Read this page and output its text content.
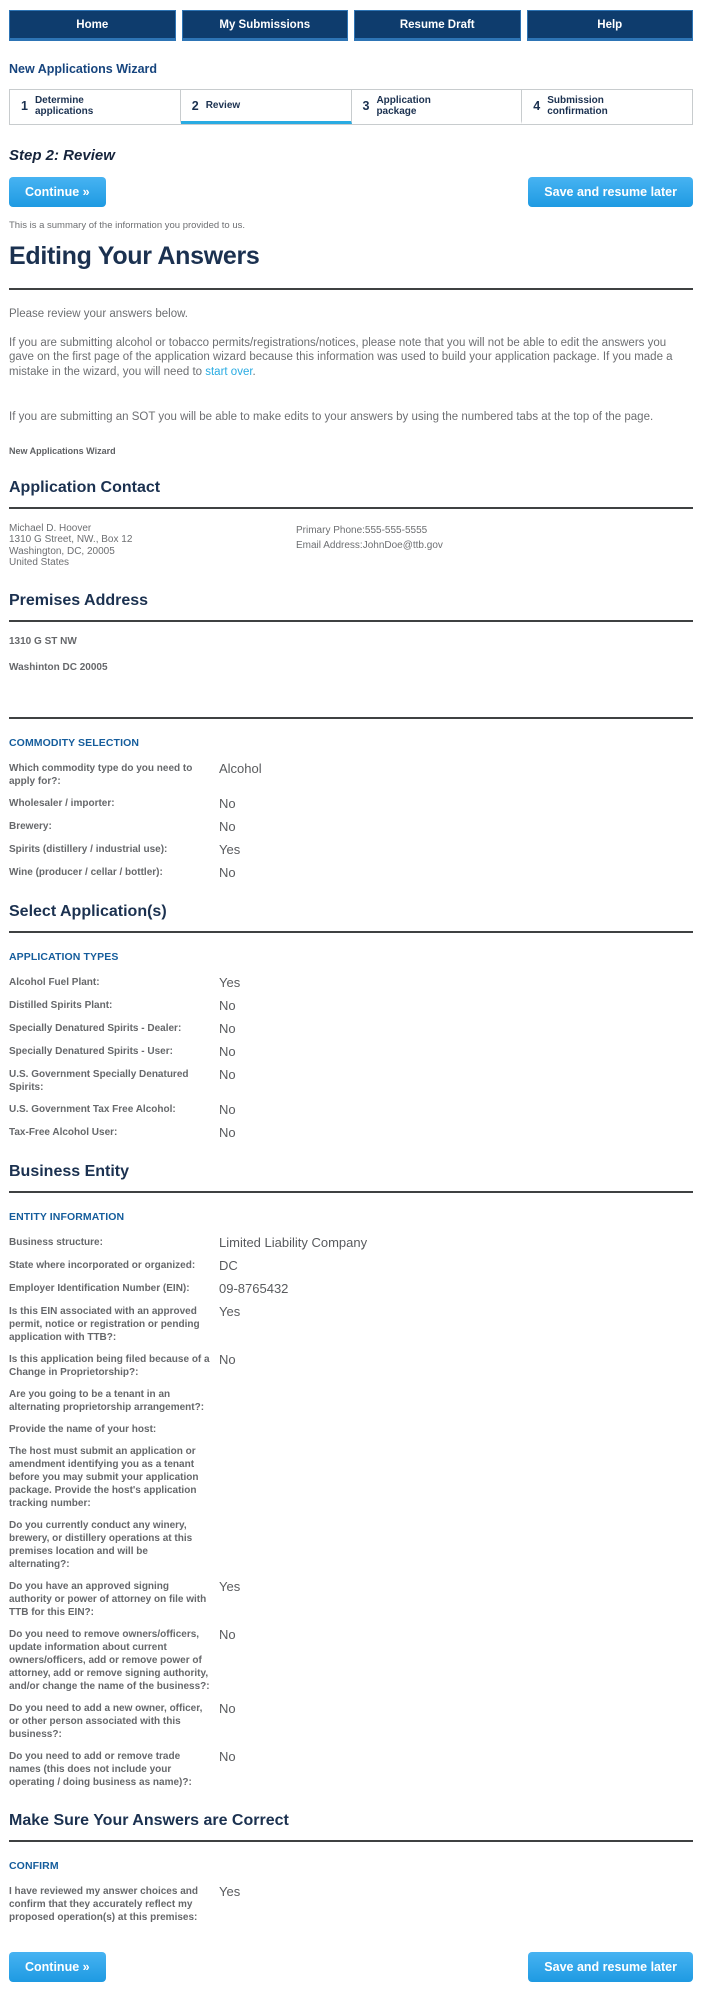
Home	My Submissions	Resume Draft	Help
New Applications Wizard
1 Determine applications	2 Review	3 Application package	4 Submission confirmation
Step 2: Review
Continue »	Save and resume later
This is a summary of the information you provided to us.
Editing Your Answers

Please review your answers below.

If you are submitting alcohol or tobacco permits/registrations/notices, please note that you will not be able to edit the answers you gave on the first page of the application wizard because this information was used to build your application package. If you made a mistake in the wizard, you will need to start over.

If you are submitting an SOT you will be able to make edits to your answers by using the numbered tabs at the top of the page.

New Applications Wizard
Application Contact
Michael D. Hoover
1310 G Street, NW., Box 12
Washington, DC, 20005
United States
Primary Phone:555-555-5555
Email Address:JohnDoe@ttb.gov
Premises Address
1310 G ST NW
Washinton DC 20005
COMMODITY SELECTION
Which commodity type do you need to apply for?:
Alcohol
Wholesaler / importer:	No
Brewery:	No
Spirits (distillery / industrial use):	Yes
Wine (producer / cellar / bottler):	No
Select Application(s)
APPLICATION TYPES
Alcohol Fuel Plant:	Yes
Distilled Spirits Plant:	No
Specially Denatured Spirits - Dealer:	No
Specially Denatured Spirits - User:	No
U.S. Government Specially Denatured Spirits:
No
U.S. Government Tax Free Alcohol:	No
Tax-Free Alcohol User:	No
Business Entity
ENTITY INFORMATION
Business structure:	Limited Liability Company
State where incorporated or organized:	DC
Employer Identification Number (EIN):	09-8765432
Is this EIN associated with an approved permit, notice or registration or pending application with TTB?:
Yes
Is this application being filed because of a Change in Proprietorship?:
No
Are you going to be a tenant in an alternating proprietorship arrangement?:
Provide the name of your host:
The host must submit an application or amendment identifying you as a tenant before you may submit your application package. Provide the host's application tracking number:
Do you currently conduct any winery, brewery, or distillery operations at this premises location and will be alternating?:
Do you have an approved signing authority or power of attorney on file with TTB for this EIN?:
Yes
Do you need to remove owners/officers, update information about current owners/officers, add or remove power of attorney, add or remove signing authority, and/or change the name of the business?:
No
Do you need to add a new owner, officer, or other person associated with this business?:
No
Do you need to add or remove trade names (this does not include your operating / doing business as name)?:
No
Make Sure Your Answers are Correct
CONFIRM
I have reviewed my answer choices and confirm that they accurately reflect my proposed operation(s) at this premises:
Yes
Continue »	Save and resume later
